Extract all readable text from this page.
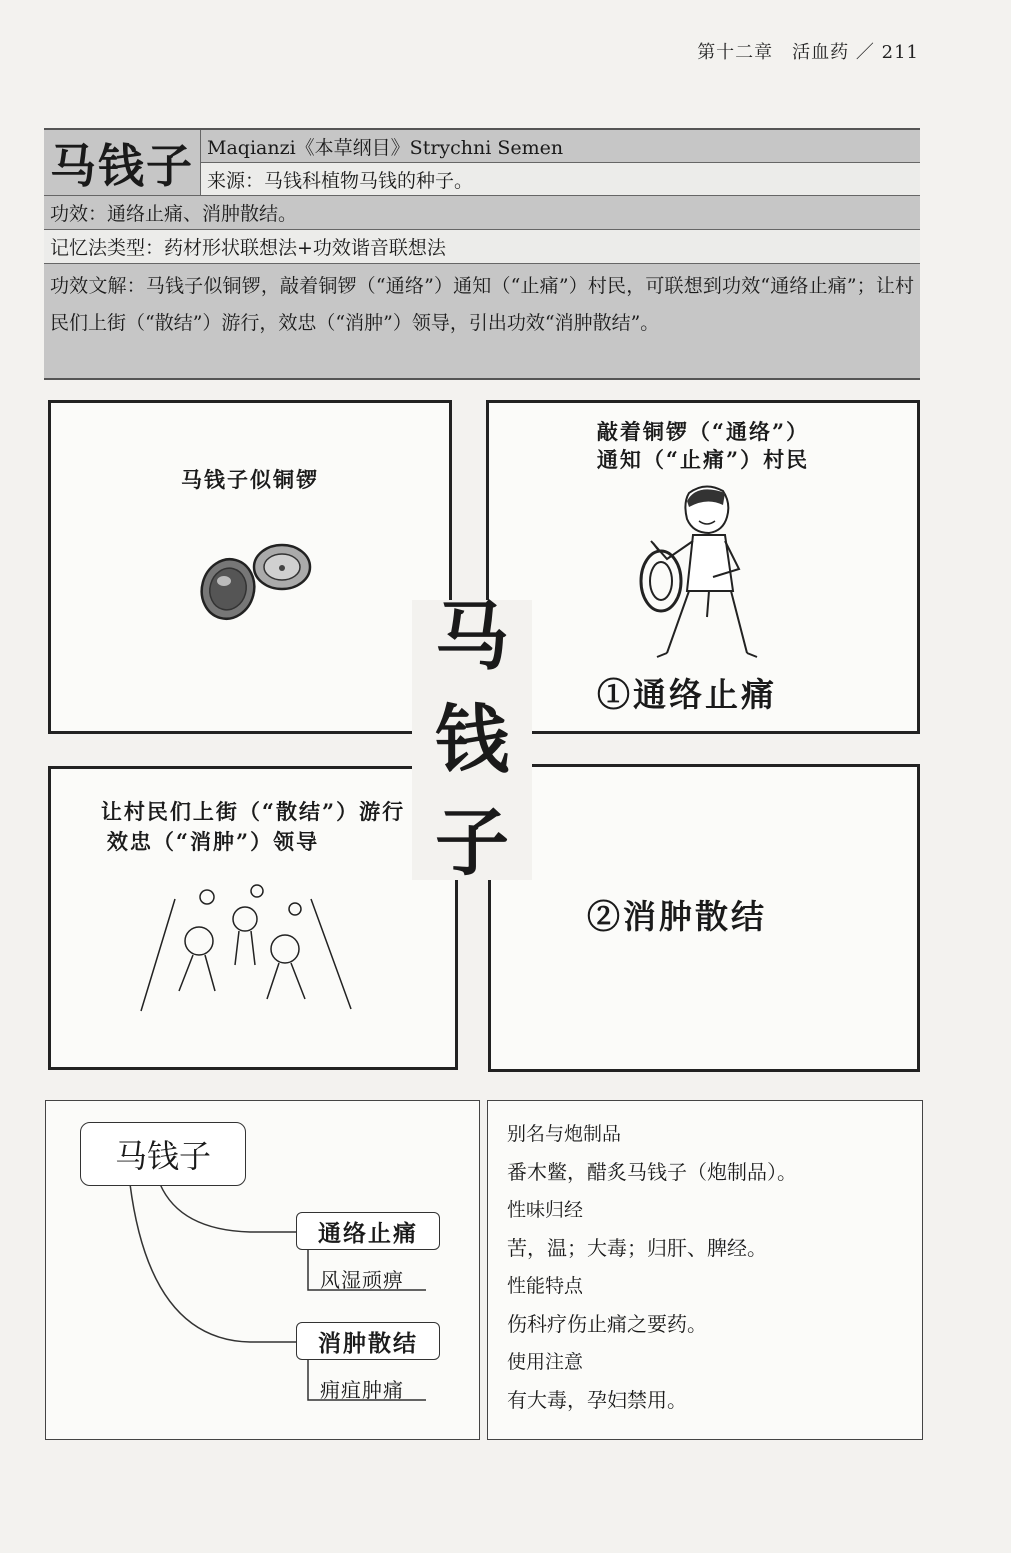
第十二章　活血药 ／ 211
马钱子 Maqianzi《本草纲目》Strychni Semen
来源：马钱科植物马钱的种子。
功效：通络止痛、消肿散结。
记忆法类型：药材形状联想法+功效谐音联想法
功效文解：马钱子似铜锣，敲着铜锣（“通络”）通知（“止痛”）村民，可联想到功效“通络止痛”；让村民们上街（“散结”）游行，效忠（“消肿”）领导，引出功效“消肿散结”。
马钱子似铜锣
敲着铜锣（“通络”）
通知（“止痛”）村民
①通络止痛
让村民们上街（“散结”）游行
效忠（“消肿”）领导
②消肿散结
马
钱
子
马钱子
通络止痛
风湿顽痹
消肿散结
痈疽肿痛
别名与炮制品
番木鳖，醋炙马钱子（炮制品）。
性味归经
苦，温；大毒；归肝、脾经。
性能特点
伤科疗伤止痛之要药。
使用注意
有大毒，孕妇禁用。
